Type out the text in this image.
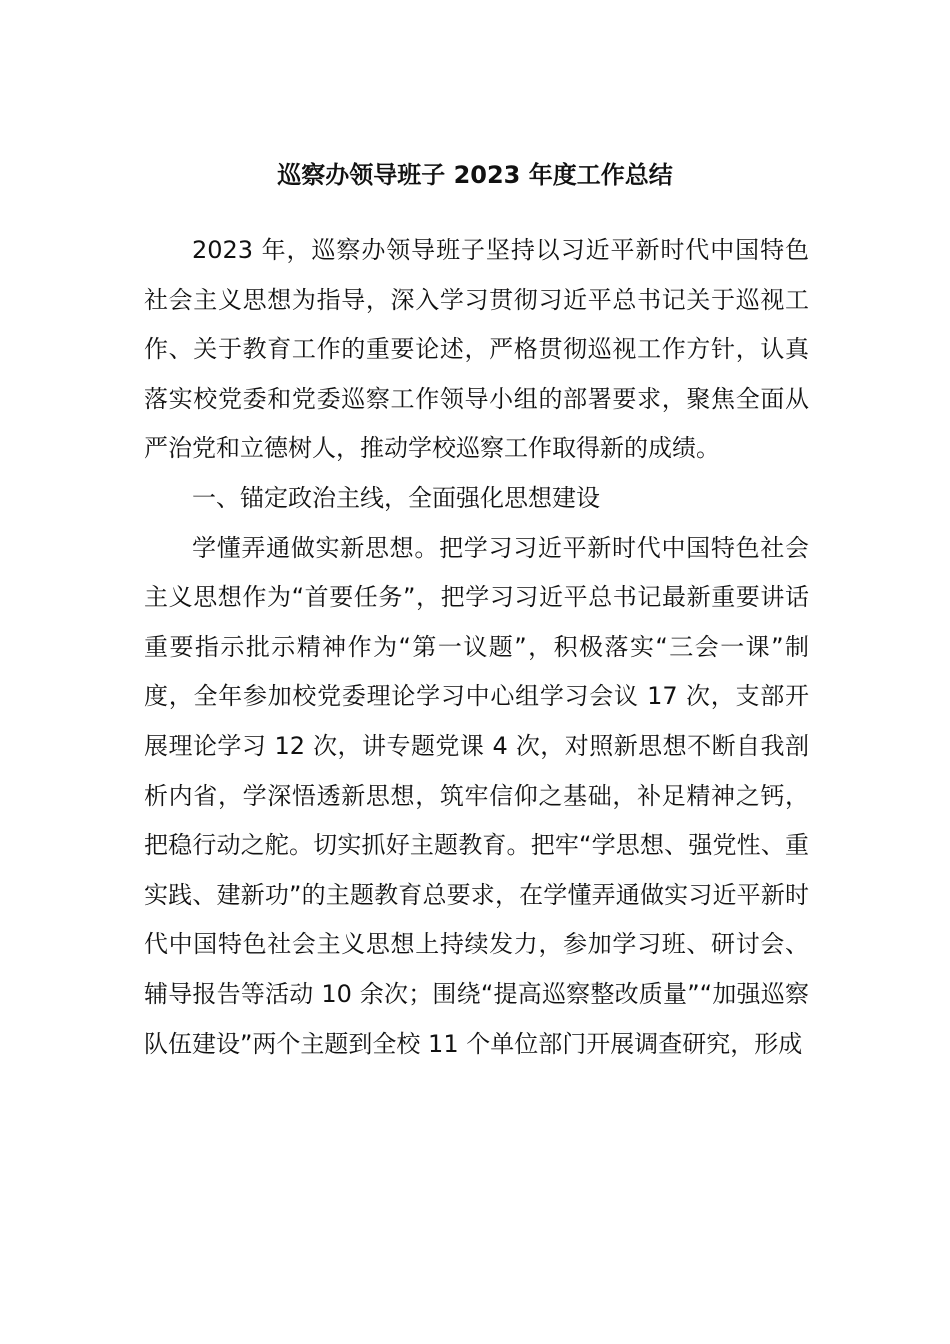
巡察办领导班子 2023 年度工作总结

2023 年，巡察办领导班子坚持以习近平新时代中国特色社会主义思想为指导，深入学习贯彻习近平总书记关于巡视工作、关于教育工作的重要论述，严格贯彻巡视工作方针，认真落实校党委和党委巡察工作领导小组的部署要求，聚焦全面从严治党和立德树人，推动学校巡察工作取得新的成绩。

一、锚定政治主线，全面强化思想建设

学懂弄通做实新思想。把学习习近平新时代中国特色社会主义思想作为“首要任务”，把学习习近平总书记最新重要讲话重要指示批示精神作为“第一议题”，积极落实“三会一课”制度，全年参加校党委理论学习中心组学习会议 17 次，支部开展理论学习 12 次，讲专题党课 4 次，对照新思想不断自我剖析内省，学深悟透新思想，筑牢信仰之基础，补足精神之钙，把稳行动之舵。切实抓好主题教育。把牢“学思想、强党性、重实践、建新功”的主题教育总要求，在学懂弄通做实习近平新时代中国特色社会主义思想上持续发力，参加学习班、研讨会、辅导报告等活动 10 余次；围绕“提高巡察整改质量”“加强巡察队伍建设”两个主题到全校 11 个单位部门开展调查研究，形成
